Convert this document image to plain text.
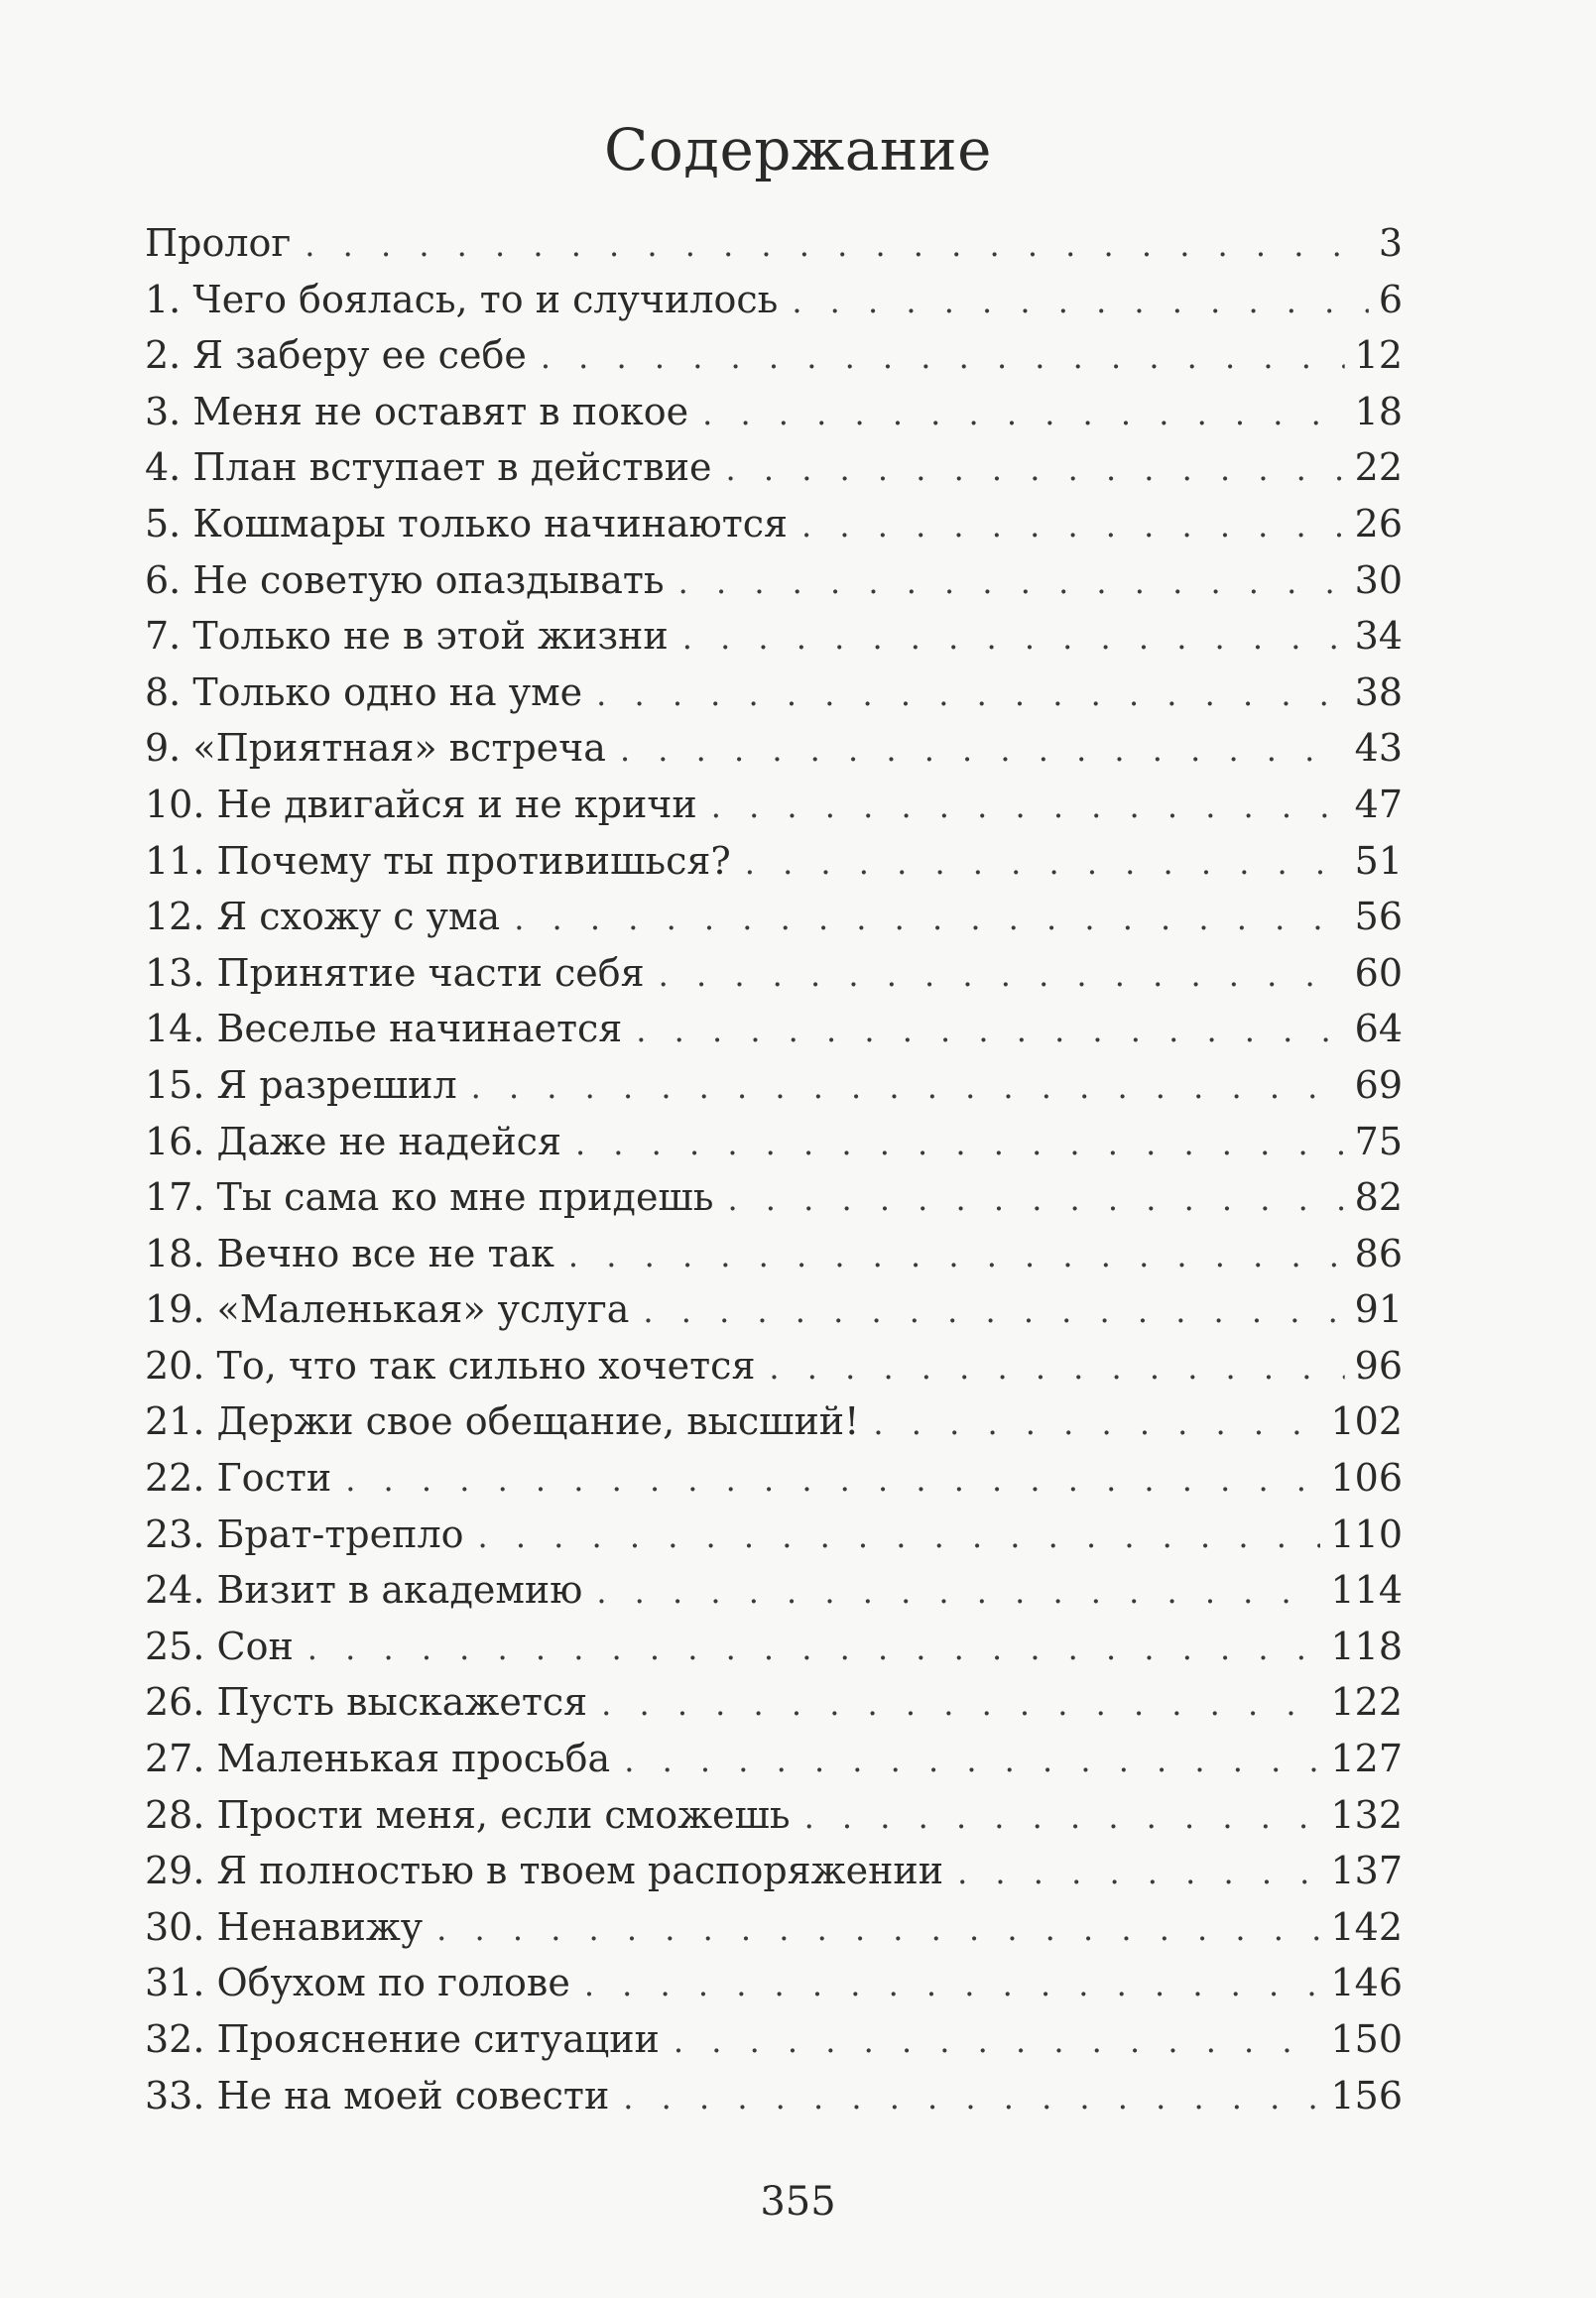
Содержание
Пролог . . .	3
1. Чего боялась, то и случилось . . .	6
2. Я заберу ее себе . . .	12
3. Меня не оставят в покое . . .	18
4. План вступает в действие . . .	22
5. Кошмары только начинаются . . .	26
6. Не советую опаздывать . . .	30
7. Только не в этой жизни . . .	34
8. Только одно на уме . . .	38
9. «Приятная» встреча . . .	43
10. Не двигайся и не кричи . . .	47
11. Почему ты противишься? . . .	51
12. Я схожу с ума . . .	56
13. Принятие части себя . . .	60
14. Веселье начинается . . .	64
15. Я разрешил . . .	69
16. Даже не надейся . . .	75
17. Ты сама ко мне придешь . . .	82
18. Вечно все не так . . .	86
19. «Маленькая» услуга . . .	91
20. То, что так сильно хочется . . .	96
21. Держи свое обещание, высший! . . .	102
22. Гости . . .	106
23. Брат-трепло . . .	110
24. Визит в академию . . .	114
25. Сон . . .	118
26. Пусть выскажется . . .	122
27. Маленькая просьба . . .	127
28. Прости меня, если сможешь . . .	132
29. Я полностью в твоем распоряжении . . .	137
30. Ненавижу . . .	142
31. Обухом по голове . . .	146
32. Прояснение ситуации . . .	150
33. Не на моей совести . . .	156
355
